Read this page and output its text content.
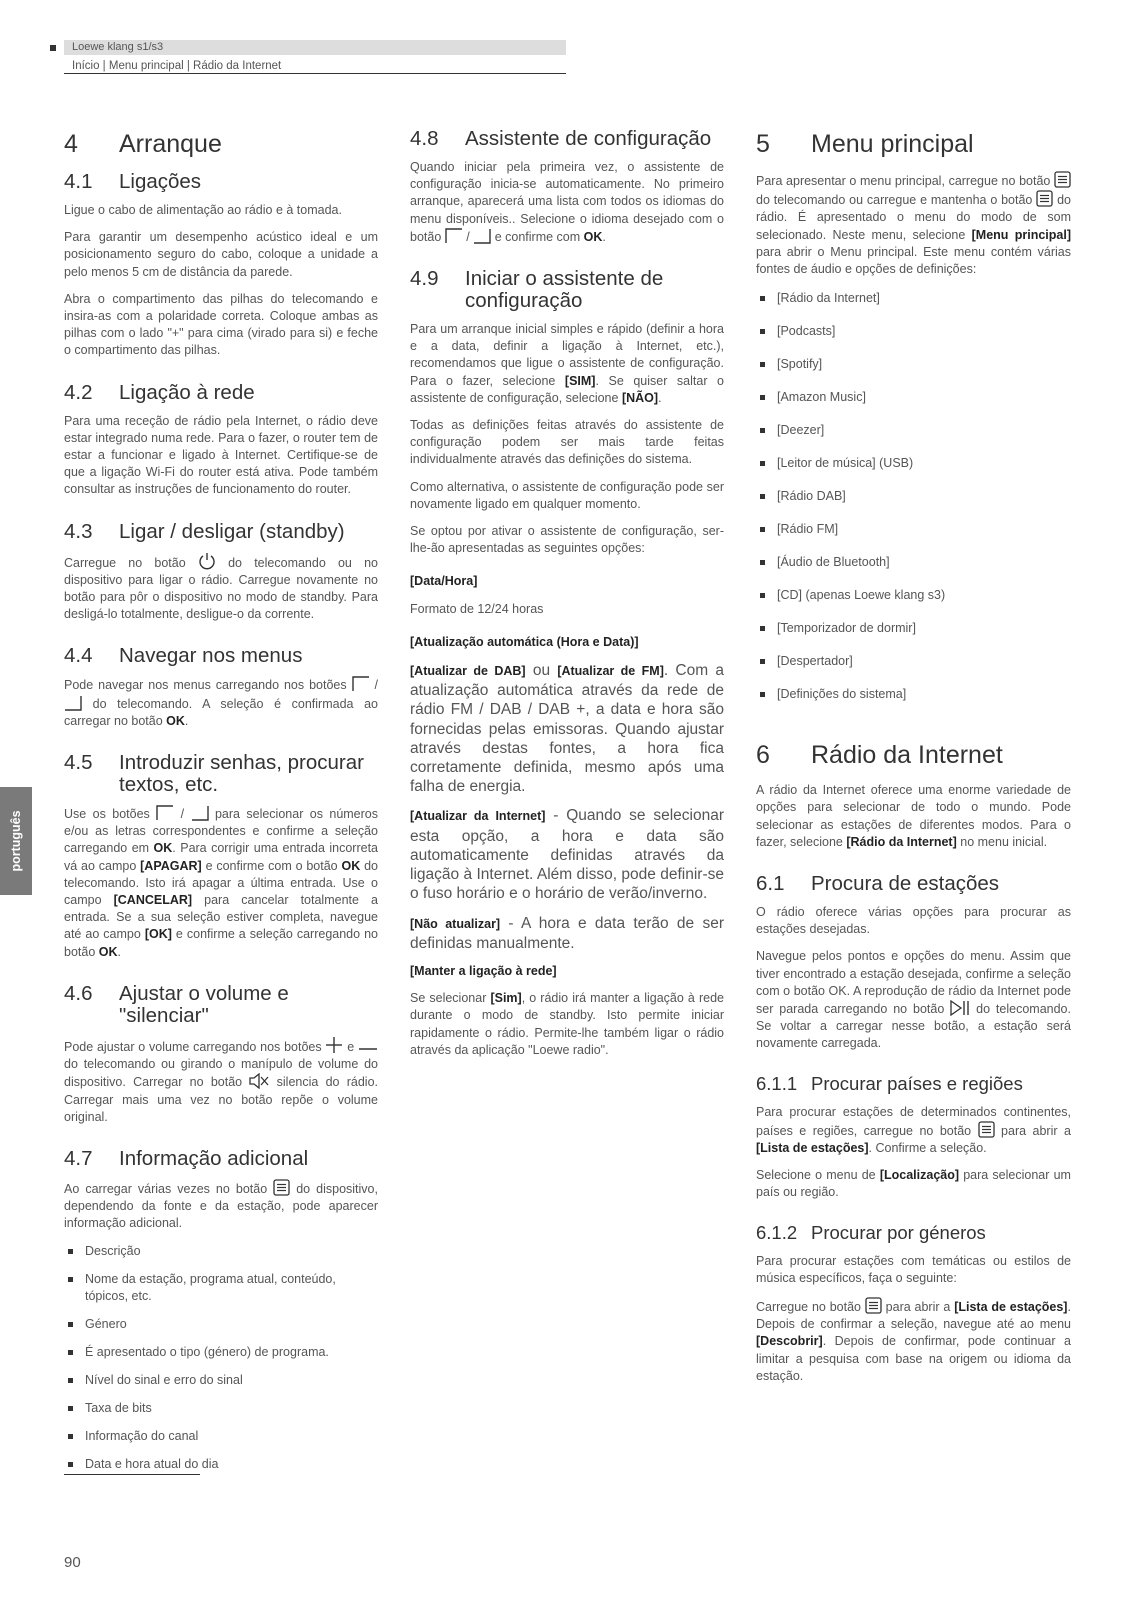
Loewe klang s1/s3
Início | Menu principal | Rádio da Internet
português
4	Arranque
4.1	Ligações

Ligue o cabo de alimentação ao rádio e à tomada.

Para garantir um desempenho acústico ideal e um posicionamento seguro do cabo, coloque a unidade a pelo menos 5 cm de distância da parede.

Abra o compartimento das pilhas do telecomando e insira-as com a polaridade correta. Coloque ambas as pilhas com o lado "+" para cima (virado para si) e feche o compartimento das pilhas.

4.2	Ligação à rede

Para uma receção de rádio pela Internet, o rádio deve estar integrado numa rede. Para o fazer, o router tem de estar a funcionar e ligado à Internet. Certifique-se de que a ligação Wi-Fi do router está ativa. Pode também consultar as instruções de funcionamento do router.

4.3	Ligar / desligar (standby)

Carregue no botão	do telecomando ou no dispositivo para ligar o rádio. Carregue novamente no botão para pôr o dispositivo no modo de standby. Para desligá-lo totalmente, desligue-o da corrente.

4.4	Navegar nos menus

Pode navegar nos menus carregando nos botões /
do telecomando. A seleção é confirmada ao carregar no botão OK.

4.5	Introduzir senhas, procurar textos, etc.

Use os botões / para selecionar os números e/ou as letras correspondentes e confirme a seleção carregando em OK. Para corrigir uma entrada incorreta vá ao campo [APAGAR] e confirme com o botão OK do telecomando. Isto irá apagar a última entrada. Use o campo [CANCELAR] para cancelar totalmente a entrada. Se a sua seleção estiver completa, navegue até ao campo [OK] e confirme a seleção carregando no botão OK.

4.6	Ajustar o volume e "silenciar"

Pode ajustar o volume carregando nos botões e
do telecomando ou girando o manípulo de volume do dispositivo. Carregar no botão	silencia do rádio. Carregar mais uma vez no botão repõe o volume original.

4.7	Informação adicional

Ao carregar várias vezes no botão do dispositivo, dependendo da fonte e da estação, pode aparecer informação adicional.

Descrição
Nome da estação, programa atual, conteúdo, tópicos, etc.
Género
É apresentado o tipo (género) de programa.
Nível do sinal e erro do sinal
Taxa de bits
Informação do canal
Data e hora atual do dia
4.8	Assistente de configuração

Quando iniciar pela primeira vez, o assistente de configuração inicia-se automaticamente. No primeiro arranque, aparecerá uma lista com todos os idiomas do menu disponíveis.. Selecione o idioma desejado com o botão / e confirme com OK.

4.9	Iniciar o assistente de configuração

Para um arranque inicial simples e rápido (definir a hora e a data, definir a ligação à Internet, etc.), recomendamos que ligue o assistente de configuração. Para o fazer, selecione [SIM]. Se quiser saltar o assistente de configuração, selecione [NÃO].

Todas as definições feitas através do assistente de configuração podem ser mais tarde feitas individualmente através das definições do sistema.

Como alternativa, o assistente de configuração pode ser novamente ligado em qualquer momento.

Se optou por ativar o assistente de configuração, ser-lhe-ão apresentadas as seguintes opções:

[Data/Hora]

Formato de 12/24 horas

[Atualização automática (Hora e Data)]

[Atualizar de DAB] ou [Atualizar de FM]. Com a atualização automática através da rede de rádio FM / DAB / DAB +, a data e hora são fornecidas pelas emissoras. Quando ajustar através destas fontes, a hora fica corretamente definida, mesmo após uma falha de energia.

[Atualizar da Internet] - Quando se selecionar esta opção, a hora e data são automaticamente definidas através da ligação à Internet. Além disso, pode definir-se o fuso horário e o horário de verão/inverno.

[Não atualizar] - A hora e data terão de ser definidas manualmente.

[Manter a ligação à rede]

Se selecionar [Sim], o rádio irá manter a ligação à rede durante o modo de standby. Isto permite iniciar rapidamente o rádio. Permite-lhe também ligar o rádio através da aplicação "Loewe radio".

5	Menu principal

Para apresentar o menu principal, carregue no botão
do telecomando ou carregue e mantenha o botão do rádio. É apresentado o menu do modo de som selecionado. Neste menu, selecione [Menu principal] para abrir o Menu principal. Este menu contém várias fontes de áudio e opções de definições:

[Rádio da Internet]
[Podcasts]
[Spotify]
[Amazon Music]
[Deezer]
[Leitor de música] (USB)
[Rádio DAB]
[Rádio FM]
[Áudio de Bluetooth]
[CD] (apenas Loewe klang s3)
[Temporizador de dormir]
[Despertador]
[Definições do sistema]
6	Rádio da Internet

A rádio da Internet oferece uma enorme variedade de opções para selecionar de todo o mundo. Pode selecionar as estações de diferentes modos. Para o fazer, selecione [Rádio da Internet] no menu inicial.

6.1	Procura de estações

O rádio oferece várias opções para procurar as estações desejadas.

Navegue pelos pontos e opções do menu. Assim que tiver encontrado a estação desejada, confirme a seleção com o botão OK. A reprodução de rádio da Internet pode ser parada carregando no botão	do telecomando. Se voltar a carregar nesse botão, a estação será novamente carregada.

6.1.1 Procurar países e regiões

Para procurar estações de determinados continentes, países e regiões, carregue no botão para abrir a [Lista de estações]. Confirme a seleção.

Selecione o menu de [Localização] para selecionar um país ou região.

6.1.2 Procurar por géneros

Para procurar estações com temáticas ou estilos de música específicos, faça o seguinte:

Carregue no botão para abrir a [Lista de estações]. Depois de confirmar a seleção, navegue até ao menu [Descobrir]. Depois de confirmar, pode continuar a limitar a pesquisa com base na origem ou idioma da estação.

90
